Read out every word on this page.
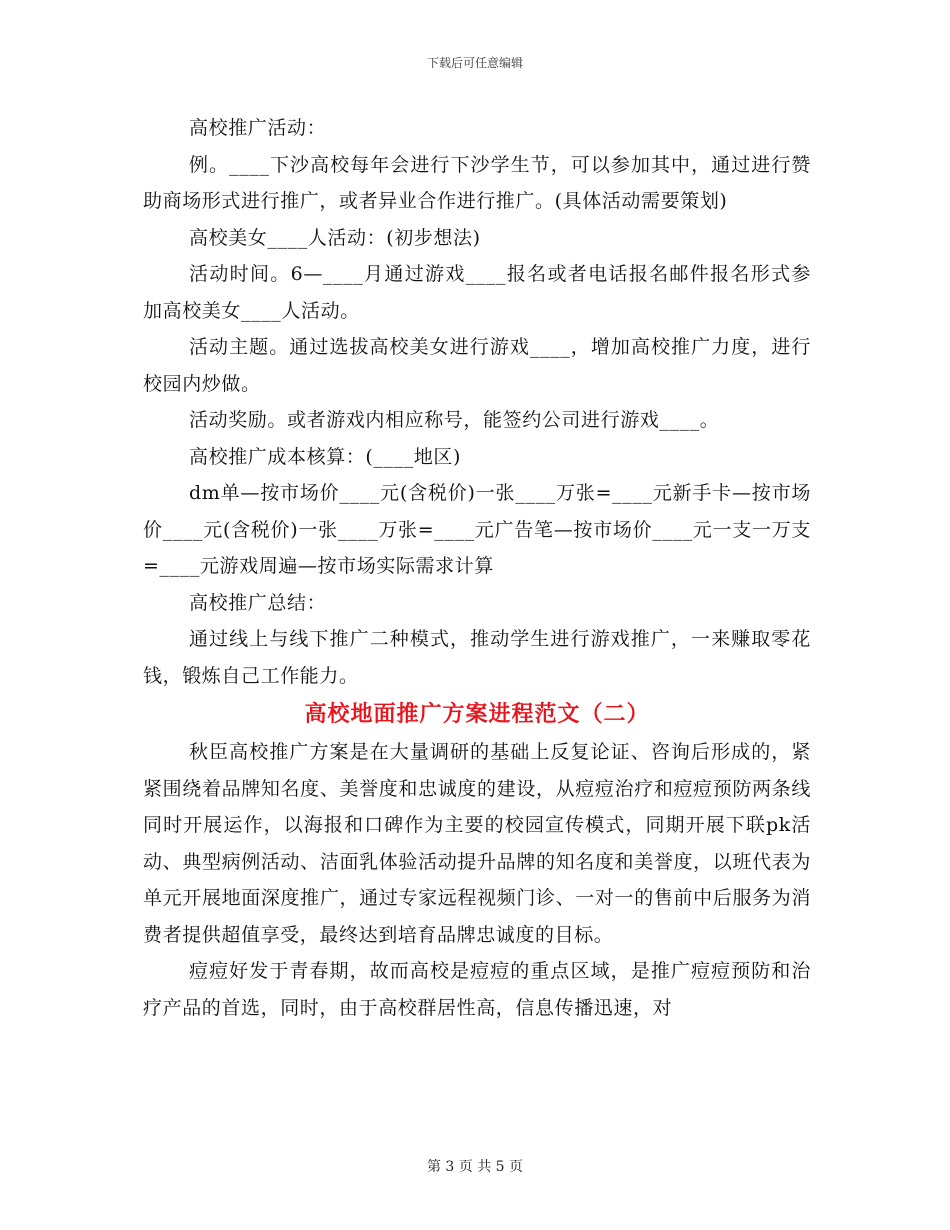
下载后可任意编辑

高校推广活动：

例。____下沙高校每年会进行下沙学生节，可以参加其中，通过进行赞助商场形式进行推广，或者异业合作进行推广。(具体活动需要策划)

高校美女____人活动：(初步想法)

活动时间。6—____月通过游戏____报名或者电话报名邮件报名形式参加高校美女____人活动。

活动主题。通过选拔高校美女进行游戏____，增加高校推广力度，进行校园内炒做。

活动奖励。或者游戏内相应称号，能签约公司进行游戏____。

高校推广成本核算：(____地区)

dm单—按市场价____元(含税价)一张____万张=____元新手卡—按市场价____元(含税价)一张____万张=____元广告笔—按市场价____元一支一万支=____元游戏周遍—按市场实际需求计算

高校推广总结：

通过线上与线下推广二种模式，推动学生进行游戏推广，一来赚取零花钱，锻炼自己工作能力。

高校地面推广方案进程范文（二）

秋臣高校推广方案是在大量调研的基础上反复论证、咨询后形成的，紧紧围绕着品牌知名度、美誉度和忠诚度的建设，从痘痘治疗和痘痘预防两条线同时开展运作，以海报和口碑作为主要的校园宣传模式，同期开展下联pk活动、典型病例活动、洁面乳体验活动提升品牌的知名度和美誉度，以班代表为单元开展地面深度推广，通过专家远程视频门诊、一对一的售前中后服务为消费者提供超值享受，最终达到培育品牌忠诚度的目标。

痘痘好发于青春期，故而高校是痘痘的重点区域，是推广痘痘预防和治疗产品的首选，同时，由于高校群居性高，信息传播迅速，对

第 3 页 共 5 页
